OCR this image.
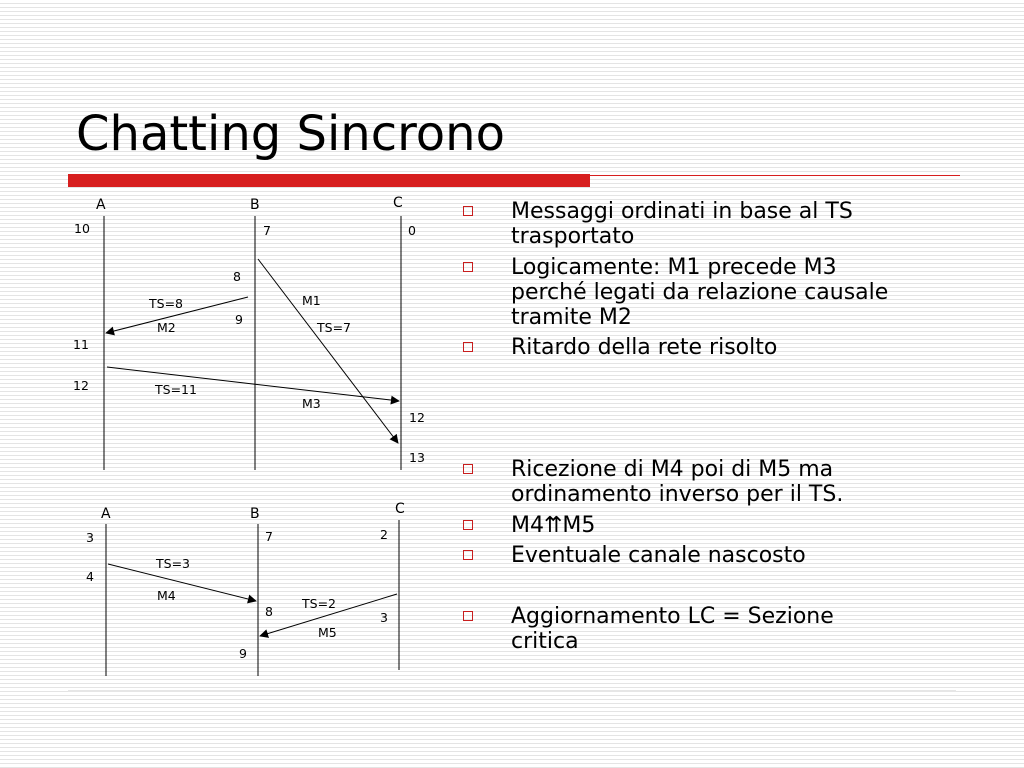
Chatting Sincrono
A	B	C
10	7	0
8
9
11
12
12
13
M1
TS=7
TS=8
M2
TS=11
M3
A	B	C
3
4
7	2
8	3
9
TS=3
M4
TS=2
M5
Messaggi ordinati in base al TS
trasportato
Logicamente: M1 precede M3
perché legati da relazione causale
tramite M2
Ritardo della rete risolto
Ricezione di M4 poi di M5 ma
ordinamento inverso per il TS.
M4⇈M5
Eventuale canale nascosto
Aggiornamento LC = Sezione
critica
